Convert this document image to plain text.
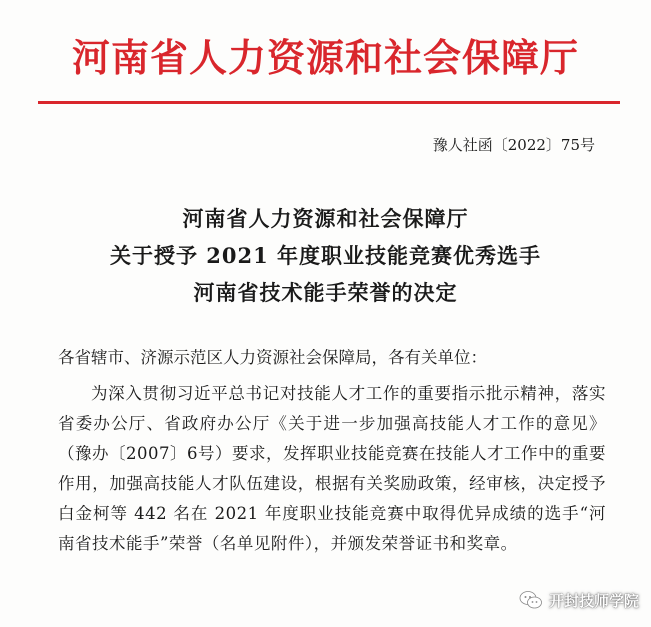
河南省人力资源和社会保障厅
豫人社函〔2022〕75号
河南省人力资源和社会保障厅
关于授予 2021 年度职业技能竞赛优秀选手
河南省技术能手荣誉的决定
各省辖市、济源示范区人力资源社会保障局，各有关单位：

为深入贯彻习近平总书记对技能人才工作的重要指示批示精神，落实省委办公厅、省政府办公厅《关于进一步加强高技能人才工作的意见》（豫办〔2007〕6号）要求，发挥职业技能竞赛在技能人才工作中的重要作用，加强高技能人才队伍建设，根据有关奖励政策，经审核，决定授予白金柯等 442 名在 2021 年度职业技能竞赛中取得优异成绩的选手“河南省技术能手”荣誉（名单见附件），并颁发荣誉证书和奖章。

开封技师学院
